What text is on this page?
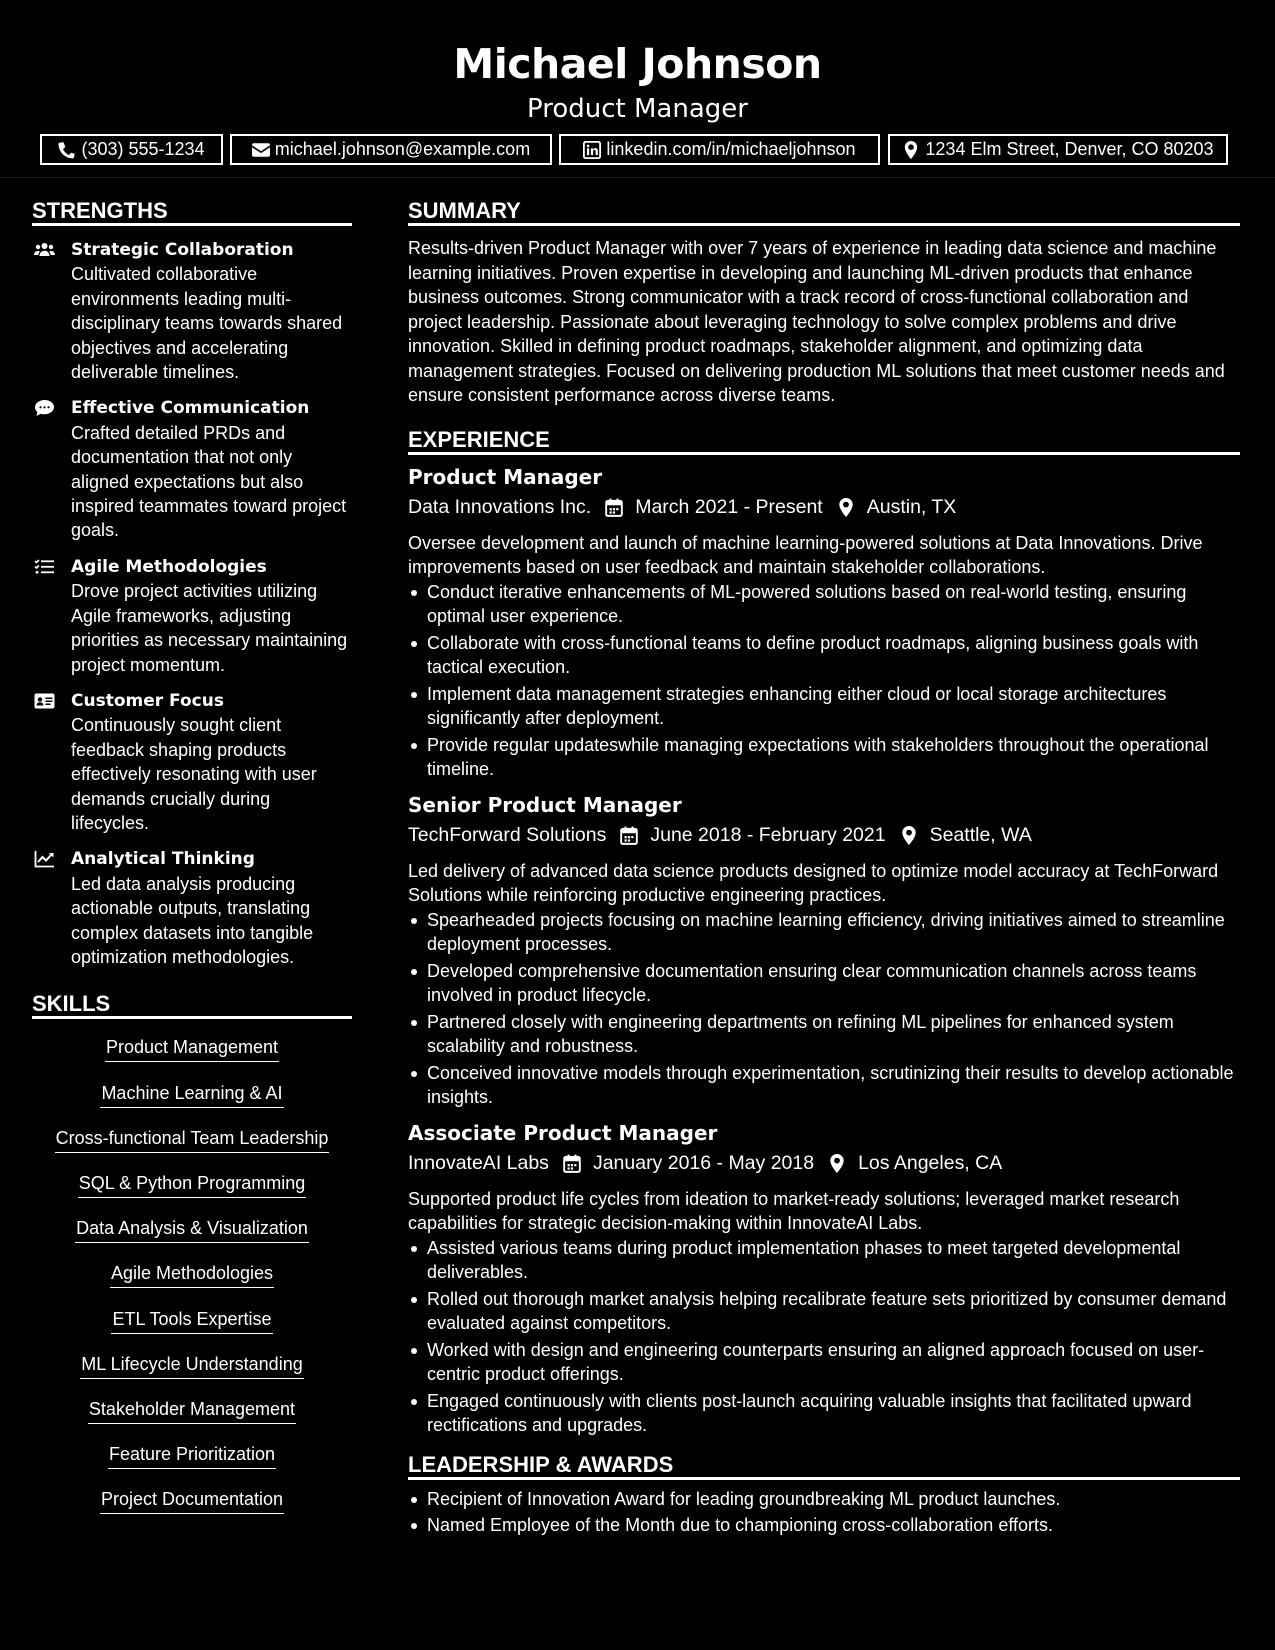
Michael Johnson
Product Manager
(303) 555-1234	michael.johnson@example.com	linkedin.com/in/michaeljohnson	1234 Elm Street, Denver, CO 80203
STRENGTHS
Strategic Collaboration
Cultivated collaborative environments leading multi-disciplinary teams towards shared objectives and accelerating deliverable timelines.
Effective Communication
Crafted detailed PRDs and documentation that not only aligned expectations but also inspired teammates toward project goals.
Agile Methodologies
Drove project activities utilizing Agile frameworks, adjusting priorities as necessary maintaining project momentum.
Customer Focus
Continuously sought client feedback shaping products effectively resonating with user demands crucially during lifecycles.
Analytical Thinking
Led data analysis producing actionable outputs, translating complex datasets into tangible optimization methodologies.
SKILLS
Product Management
Machine Learning & AI
Cross-functional Team Leadership
SQL & Python Programming
Data Analysis & Visualization
Agile Methodologies
ETL Tools Expertise
ML Lifecycle Understanding
Stakeholder Management
Feature Prioritization
Project Documentation
SUMMARY
Results-driven Product Manager with over 7 years of experience in leading data science and machine learning initiatives. Proven expertise in developing and launching ML-driven products that enhance business outcomes. Strong communicator with a track record of cross-functional collaboration and project leadership. Passionate about leveraging technology to solve complex problems and drive innovation. Skilled in defining product roadmaps, stakeholder alignment, and optimizing data management strategies. Focused on delivering production ML solutions that meet customer needs and ensure consistent performance across diverse teams.
EXPERIENCE
Product Manager
Data Innovations Inc. March 2021 - Present Austin, TX
Oversee development and launch of machine learning-powered solutions at Data Innovations. Drive improvements based on user feedback and maintain stakeholder collaborations.
Conduct iterative enhancements of ML-powered solutions based on real-world testing, ensuring optimal user experience.
Collaborate with cross-functional teams to define product roadmaps, aligning business goals with tactical execution.
Implement data management strategies enhancing either cloud or local storage architectures significantly after deployment.
Provide regular updateswhile managing expectations with stakeholders throughout the operational timeline.
Senior Product Manager
TechForward Solutions June 2018 - February 2021 Seattle, WA
Led delivery of advanced data science products designed to optimize model accuracy at TechForward Solutions while reinforcing productive engineering practices.
Spearheaded projects focusing on machine learning efficiency, driving initiatives aimed to streamline deployment processes.
Developed comprehensive documentation ensuring clear communication channels across teams involved in product lifecycle.
Partnered closely with engineering departments on refining ML pipelines for enhanced system scalability and robustness.
Conceived innovative models through experimentation, scrutinizing their results to develop actionable insights.
Associate Product Manager
InnovateAI Labs January 2016 - May 2018 Los Angeles, CA
Supported product life cycles from ideation to market-ready solutions; leveraged market research capabilities for strategic decision-making within InnovateAI Labs.
Assisted various teams during product implementation phases to meet targeted developmental deliverables.
Rolled out thorough market analysis helping recalibrate feature sets prioritized by consumer demand evaluated against competitors.
Worked with design and engineering counterparts ensuring an aligned approach focused on user-centric product offerings.
Engaged continuously with clients post-launch acquiring valuable insights that facilitated upward rectifications and upgrades.
LEADERSHIP & AWARDS
Recipient of Innovation Award for leading groundbreaking ML product launches.
Named Employee of the Month due to championing cross-collaboration efforts.
